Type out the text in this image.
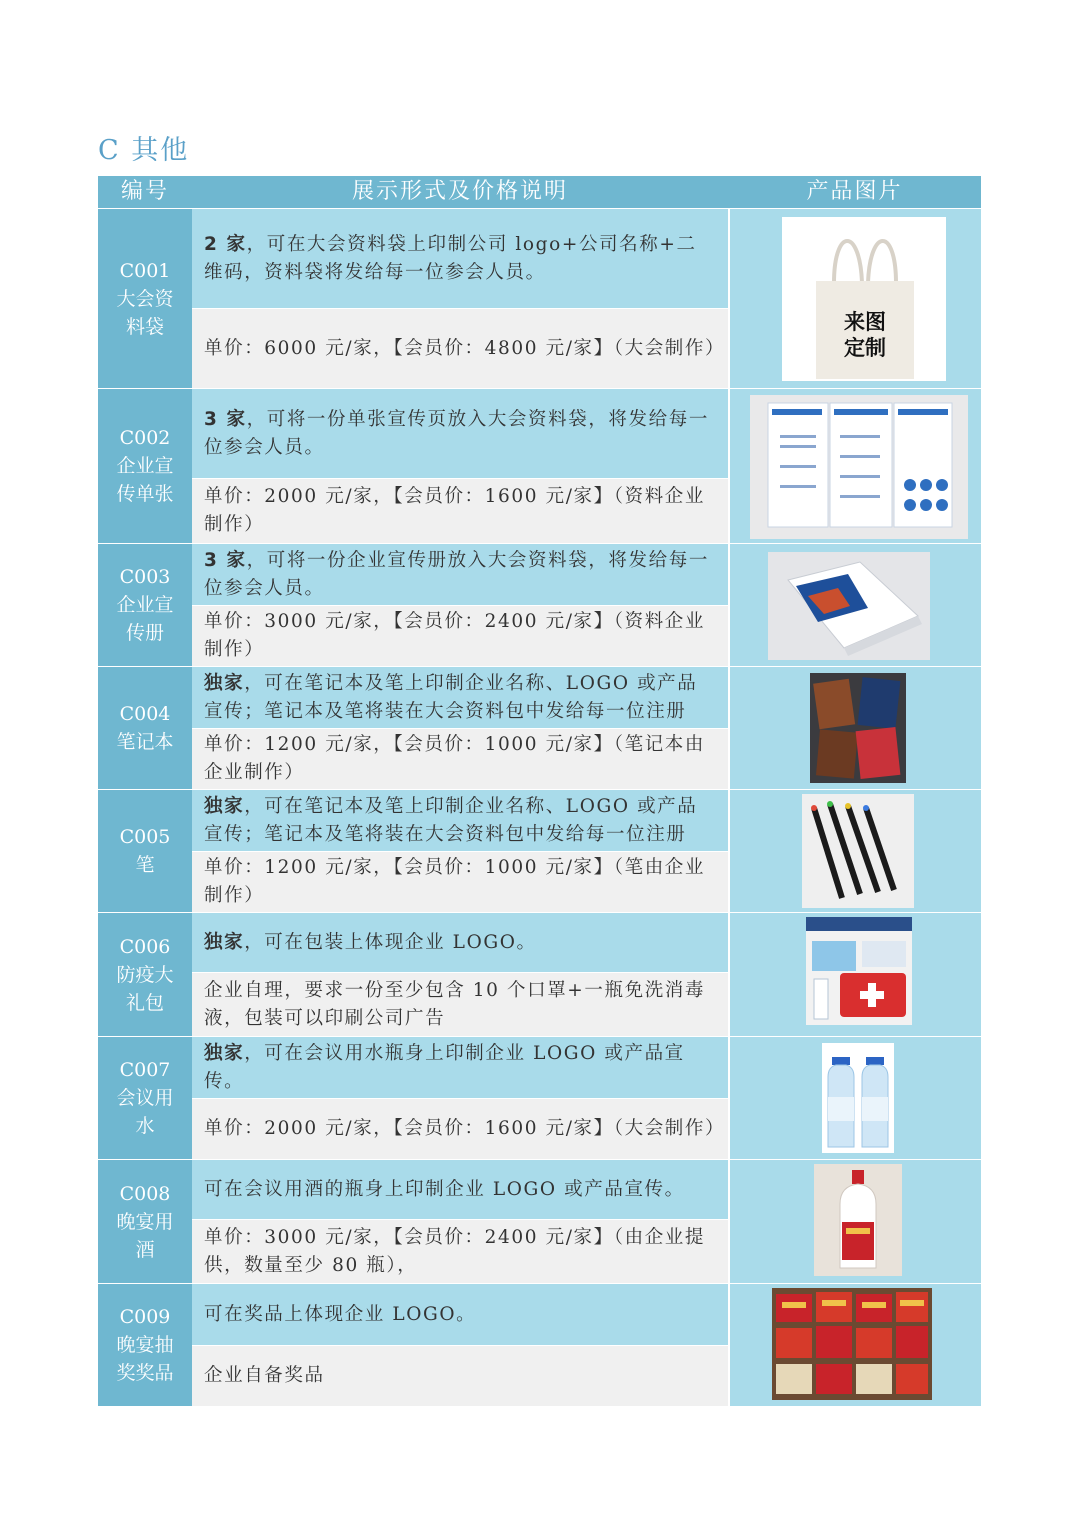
C 其他
编号	展示形式及价格说明	产品图片
C001
大会资
料袋
2 家，可在大会资料袋上印制公司 logo+公司名称+二维码，资料袋将发给每一位参会人员。
单价：6000 元/家，【会员价：4800 元/家】（大会制作）
来图
定制
C002
企业宣
传单张
3 家，可将一份单张宣传页放入大会资料袋，将发给每一位参会人员。
单价：2000 元/家，【会员价：1600 元/家】（资料企业制作）
C003
企业宣
传册
3 家，可将一份企业宣传册放入大会资料袋，将发给每一位参会人员。
单价：3000 元/家，【会员价：2400 元/家】（资料企业制作）
C004
笔记本
独家，可在笔记本及笔上印制企业名称、LOGO 或产品宣传；笔记本及笔将装在大会资料包中发给每一位注册
单价：1200 元/家，【会员价：1000 元/家】（笔记本由企业制作）
C005
笔
独家，可在笔记本及笔上印制企业名称、LOGO 或产品宣传；笔记本及笔将装在大会资料包中发给每一位注册
单价：1200 元/家，【会员价：1000 元/家】（笔由企业制作）
C006
防疫大
礼包
独家，可在包装上体现企业 LOGO。
企业自理，要求一份至少包含 10 个口罩+一瓶免洗消毒液，包装可以印刷公司广告
C007
会议用
水
独家，可在会议用水瓶身上印制企业 LOGO 或产品宣传。
单价：2000 元/家，【会员价：1600 元/家】（大会制作）
C008
晚宴用
酒
可在会议用酒的瓶身上印制企业 LOGO 或产品宣传。
单价：3000 元/家，【会员价：2400 元/家】（由企业提供，数量至少 80 瓶），
C009
晚宴抽
奖奖品
可在奖品上体现企业 LOGO。
企业自备奖品
